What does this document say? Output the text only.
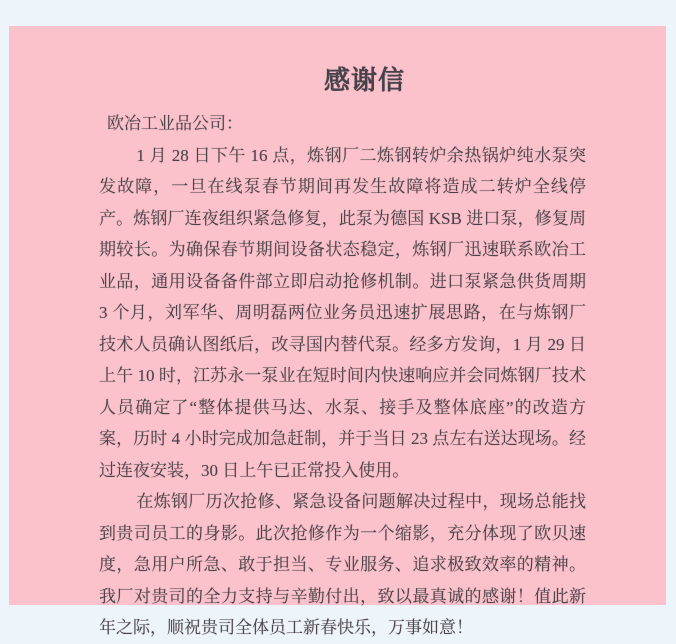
感谢信

欧冶工业品公司：

1 月 28 日下午 16 点，炼钢厂二炼钢转炉余热锅炉纯水泵突发故障，一旦在线泵春节期间再发生故障将造成二转炉全线停产。炼钢厂连夜组织紧急修复，此泵为德国 KSB 进口泵，修复周期较长。为确保春节期间设备状态稳定，炼钢厂迅速联系欧冶工业品，通用设备备件部立即启动抢修机制。进口泵紧急供货周期 3 个月，刘军华、周明磊两位业务员迅速扩展思路，在与炼钢厂技术人员确认图纸后，改寻国内替代泵。经多方发询，1 月 29 日上午 10 时，江苏永一泵业在短时间内快速响应并会同炼钢厂技术人员确定了“整体提供马达、水泵、接手及整体底座”的改造方案，历时 4 小时完成加急赶制，并于当日 23 点左右送达现场。经过连夜安装，30 日上午已正常投入使用。

在炼钢厂历次抢修、紧急设备问题解决过程中，现场总能找到贵司员工的身影。此次抢修作为一个缩影，充分体现了欧贝速度，急用户所急、敢于担当、专业服务、追求极致效率的精神。我厂对贵司的全力支持与辛勤付出，致以最真诚的感谢！值此新年之际，顺祝贵司全体员工新春快乐，万事如意！
